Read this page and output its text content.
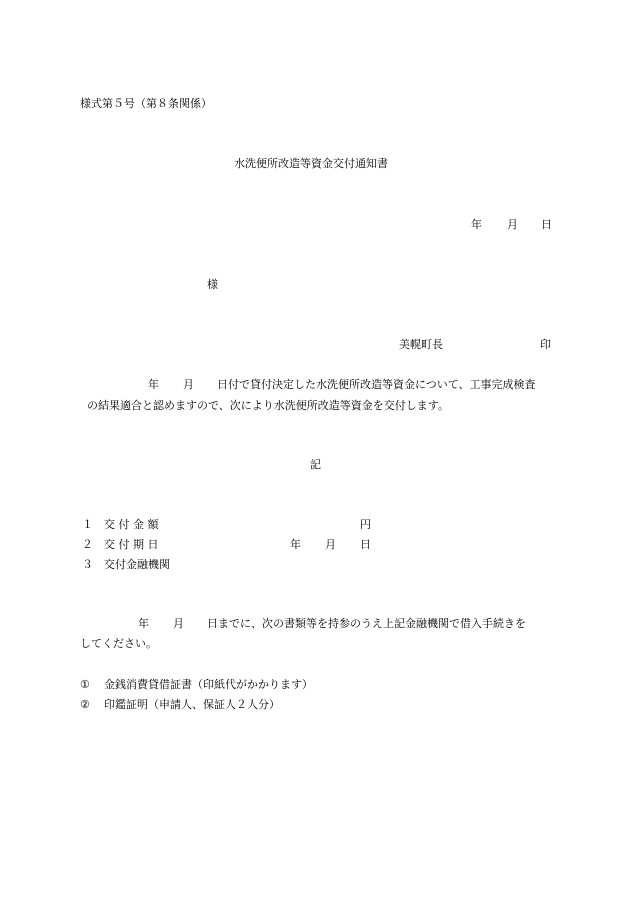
様式第５号（第８条関係）
水洗便所改造等資金交付通知書
年 月 日
様
美幌町長	印
年 月 日付で貸付決定した水洗便所改造等資金について、工事完成検査
の結果適合と認めますので、次により水洗便所改造等資金を交付します。
記
１ 交 付 金 額	円
２ 交 付 期 日	年 月 日
３ 交付金融機関
年 月 日までに、次の書類等を持参のうえ上記金融機関で借入手続きを
してください。
① 金銭消費貸借証書（印紙代がかかります）
② 印鑑証明（申請人、保証人２人分）
